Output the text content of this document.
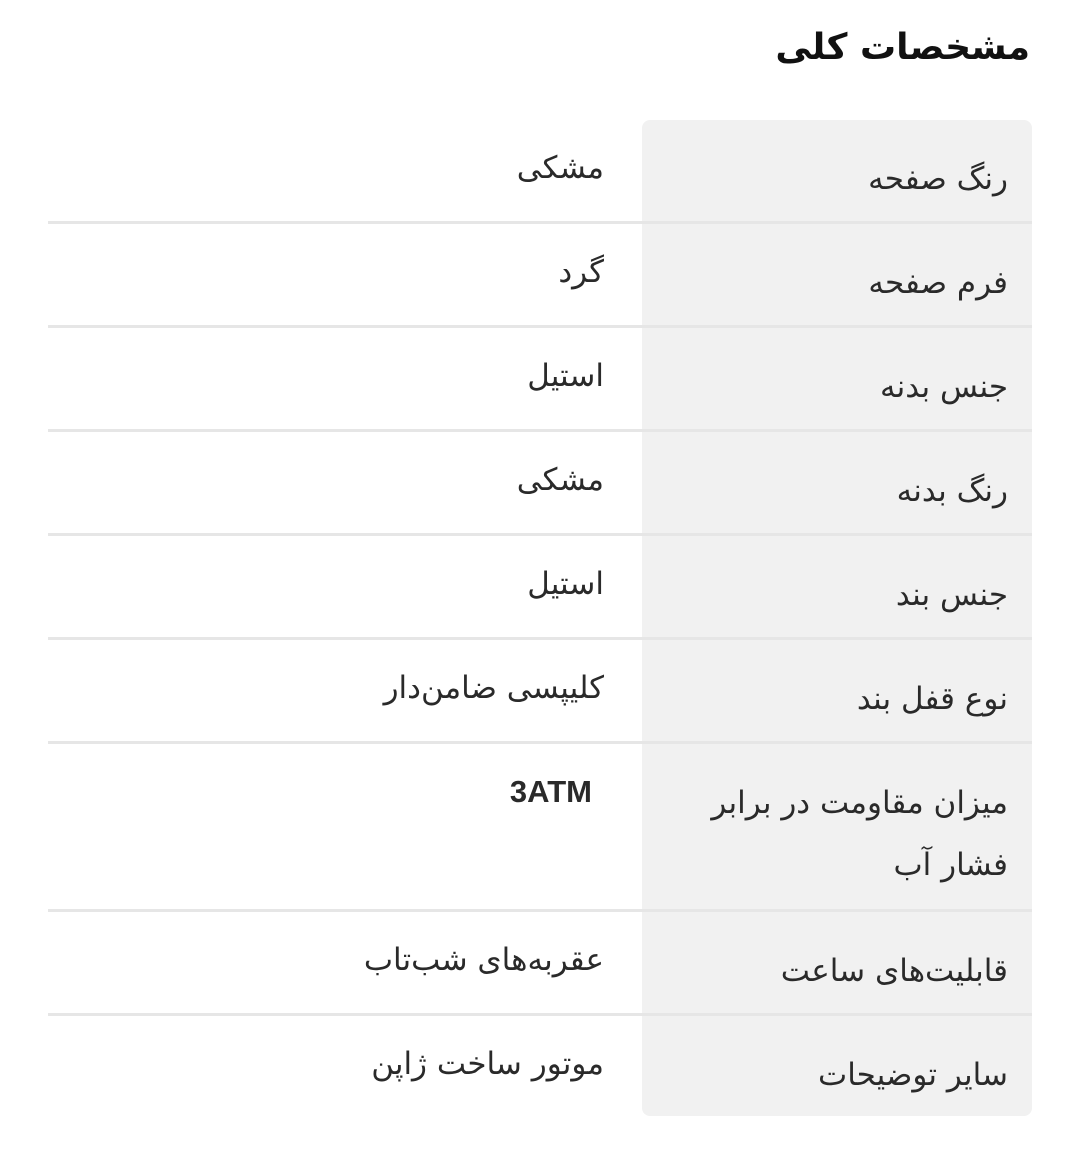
مشخصات کلی
رنگ صفحه
مشکی
فرم صفحه
گرد
جنس بدنه
استیل
رنگ بدنه
مشکی
جنس بند
استیل
نوع قفل بند
کلیپسی ضامن‌دار
میزان مقاومت در برابر فشار آب
3ATM
قابلیت‌های ساعت
عقربه‌های شب‌تاب
سایر توضیحات
موتور ساخت ژاپن
